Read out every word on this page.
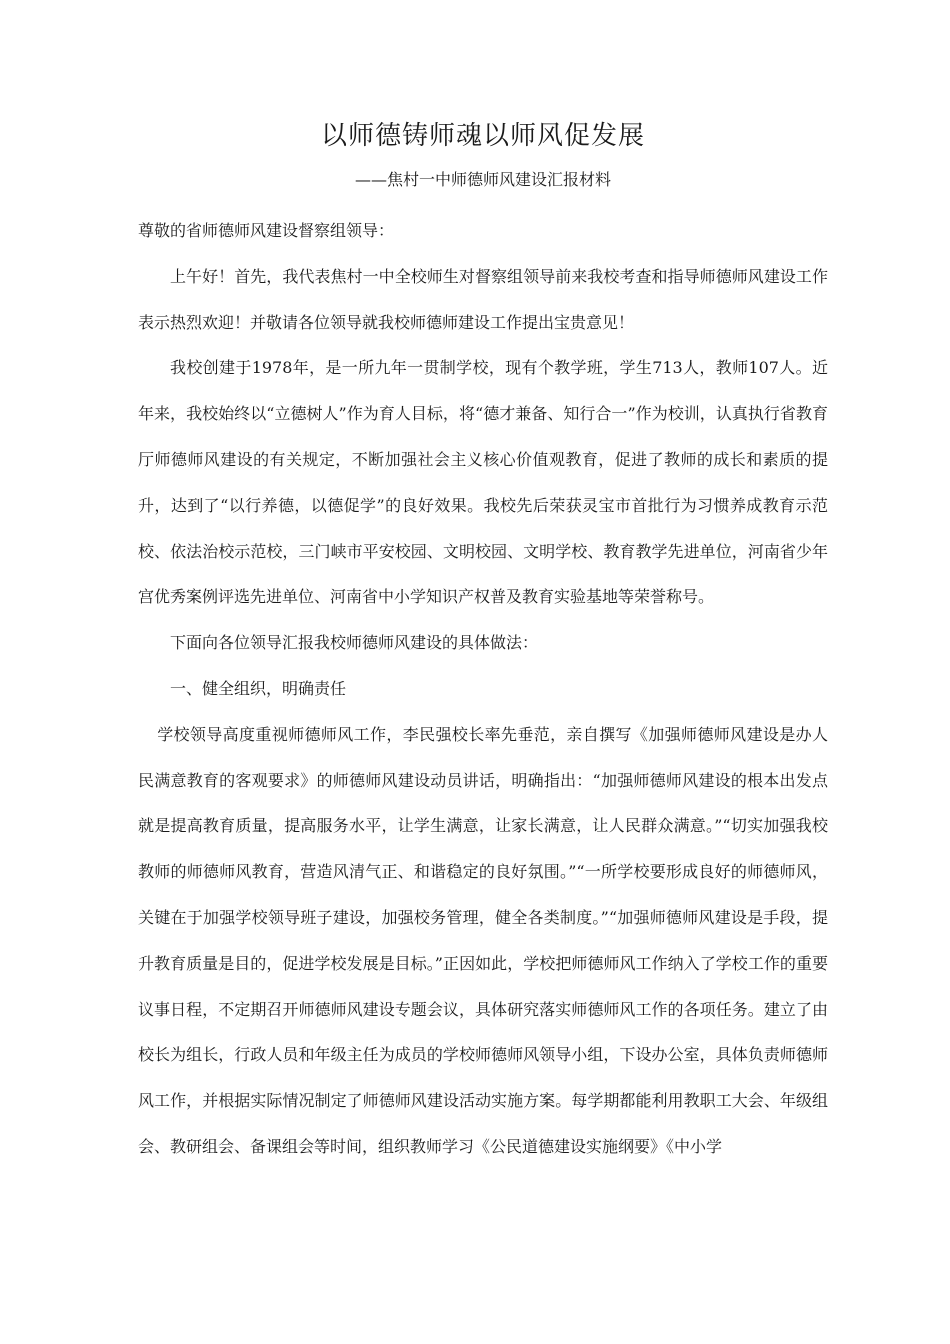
以师德铸师魂以师风促发展
——焦村一中师德师风建设汇报材料

尊敬的省师德师风建设督察组领导：

上午好！首先，我代表焦村一中全校师生对督察组领导前来我校考查和指导师德师风建设工作表示热烈欢迎！并敬请各位领导就我校师德师建设工作提出宝贵意见！

我校创建于1978年，是一所九年一贯制学校，现有个教学班，学生713人，教师107人。近年来，我校始终以“立德树人”作为育人目标，将“德才兼备、知行合一”作为校训，认真执行省教育厅师德师风建设的有关规定，不断加强社会主义核心价值观教育，促进了教师的成长和素质的提升，达到了“以行养德，以德促学”的良好效果。我校先后荣获灵宝市首批行为习惯养成教育示范校、依法治校示范校，三门峡市平安校园、文明校园、文明学校、教育教学先进单位，河南省少年宫优秀案例评选先进单位、河南省中小学知识产权普及教育实验基地等荣誉称号。

下面向各位领导汇报我校师德师风建设的具体做法：

一、健全组织，明确责任

学校领导高度重视师德师风工作，李民强校长率先垂范，亲自撰写《加强师德师风建设是办人民满意教育的客观要求》的师德师风建设动员讲话，明确指出：“加强师德师风建设的根本出发点就是提高教育质量，提高服务水平，让学生满意，让家长满意，让人民群众满意。”“切实加强我校教师的师德师风教育，营造风清气正、和谐稳定的良好氛围。”“一所学校要形成良好的师德师风，关键在于加强学校领导班子建设，加强校务管理，健全各类制度。”“加强师德师风建设是手段，提升教育质量是目的，促进学校发展是目标。”正因如此，学校把师德师风工作纳入了学校工作的重要议事日程，不定期召开师德师风建设专题会议，具体研究落实师德师风工作的各项任务。建立了由校长为组长，行政人员和年级主任为成员的学校师德师风领导小组，下设办公室，具体负责师德师风工作，并根据实际情况制定了师德师风建设活动实施方案。每学期都能利用教职工大会、年级组会、教研组会、备课组会等时间，组织教师学习《公民道德建设实施纲要》《中小学
